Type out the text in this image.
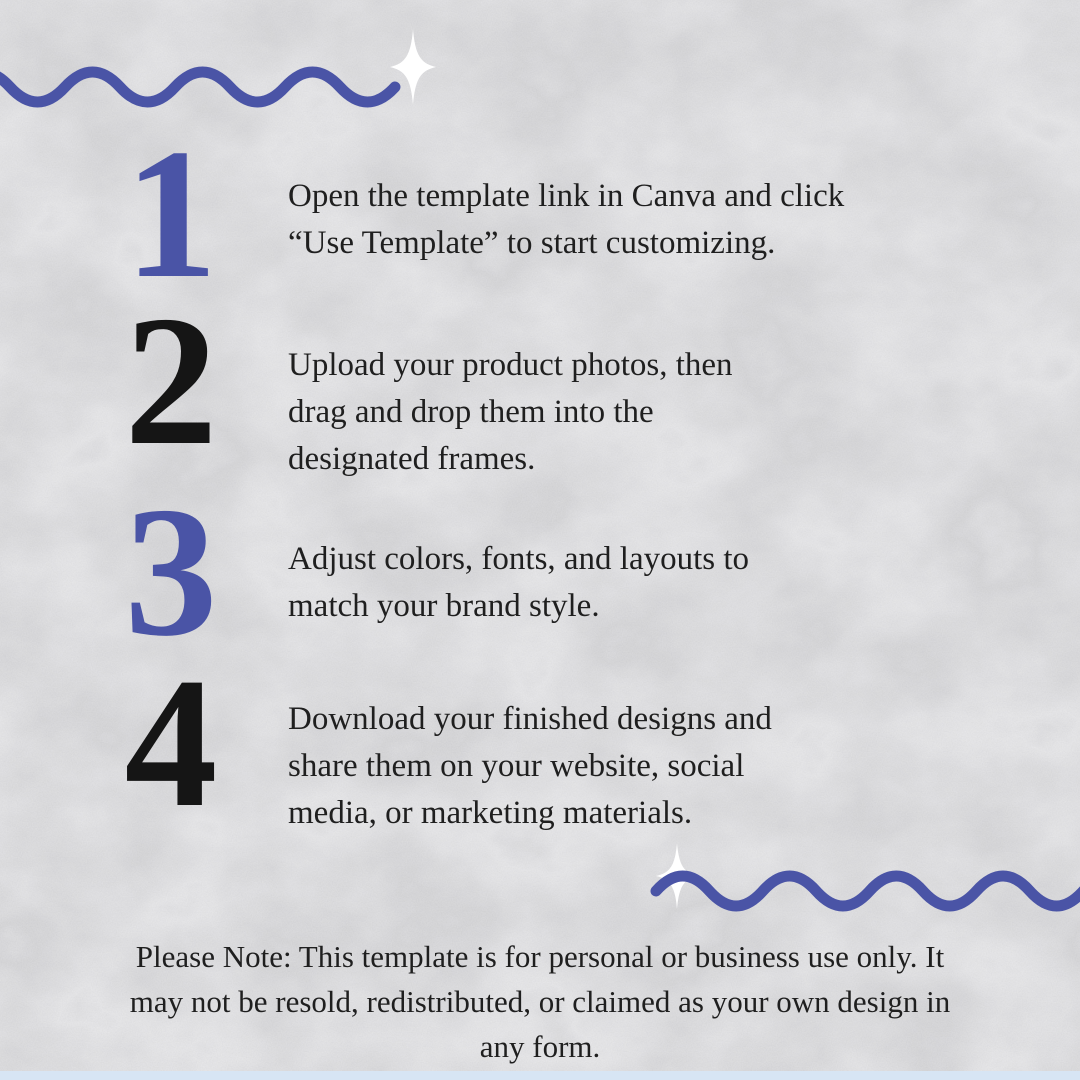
1	Open the template link in Canva and click
“Use Template” to start customizing.
2	Upload your product photos, then
drag and drop them into the
designated frames.
3	Adjust colors, fonts, and layouts to
match your brand style.
4	Download your finished designs and
share them on your website, social
media, or marketing materials.
Please Note: This template is for personal or business use only. It
may not be resold, redistributed, or claimed as your own design in
any form.
